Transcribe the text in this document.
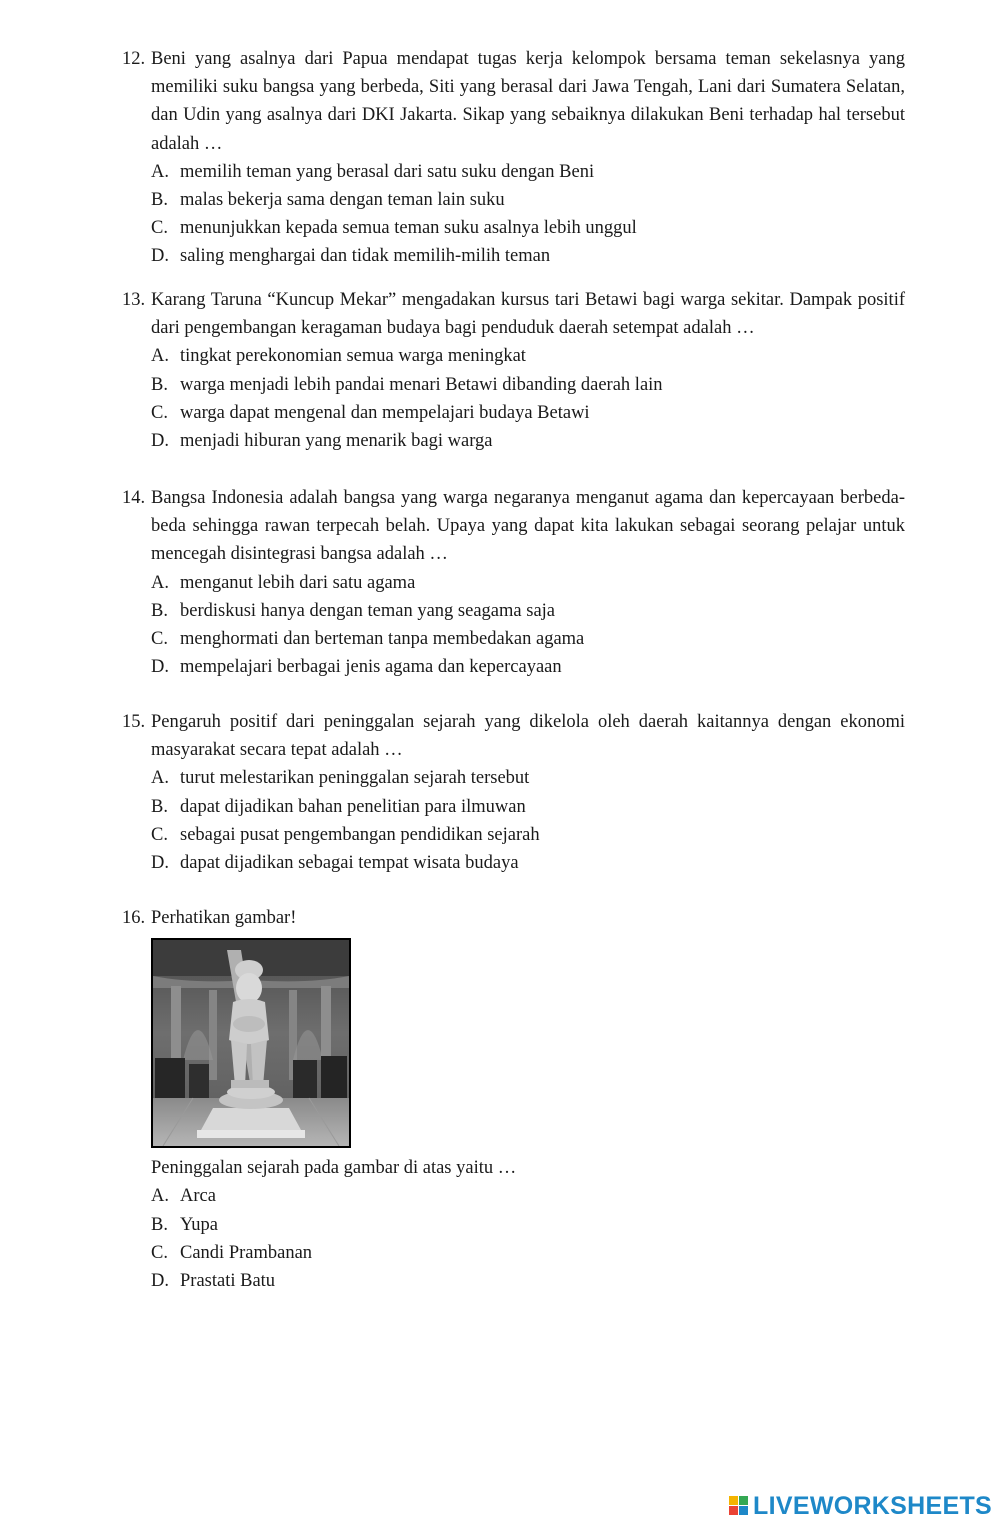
12. Beni yang asalnya dari Papua mendapat tugas kerja kelompok bersama teman sekelasnya yang memiliki suku bangsa yang berbeda, Siti yang berasal dari Jawa Tengah, Lani dari Sumatera Selatan, dan Udin yang asalnya dari DKI Jakarta. Sikap yang sebaiknya dilakukan Beni terhadap hal tersebut adalah …
A. memilih teman yang berasal dari satu suku dengan Beni
B. malas bekerja sama dengan teman lain suku
C. menunjukkan kepada semua teman suku asalnya lebih unggul
D. saling menghargai dan tidak memilih-milih teman
13. Karang Taruna “Kuncup Mekar” mengadakan kursus tari Betawi bagi warga sekitar. Dampak positif dari pengembangan keragaman budaya bagi penduduk daerah setempat adalah …
A. tingkat perekonomian semua warga meningkat
B. warga menjadi lebih pandai menari Betawi dibanding daerah lain
C. warga dapat mengenal dan mempelajari budaya Betawi
D. menjadi hiburan yang menarik bagi warga
14. Bangsa Indonesia adalah bangsa yang warga negaranya menganut agama dan kepercayaan berbeda-beda sehingga rawan terpecah belah. Upaya yang dapat kita lakukan sebagai seorang pelajar untuk mencegah disintegrasi bangsa adalah …
A. menganut lebih dari satu agama
B. berdiskusi hanya dengan teman yang seagama saja
C. menghormati dan berteman tanpa membedakan agama
D. mempelajari berbagai jenis agama dan kepercayaan
15. Pengaruh positif dari peninggalan sejarah yang dikelola oleh daerah kaitannya dengan ekonomi masyarakat secara tepat adalah …
A. turut melestarikan peninggalan sejarah tersebut
B. dapat dijadikan bahan penelitian para ilmuwan
C. sebagai pusat pengembangan pendidikan sejarah
D. dapat dijadikan sebagai tempat wisata budaya
16. Perhatikan gambar!
Peninggalan sejarah pada gambar di atas yaitu …
A. Arca
B. Yupa
C. Candi Prambanan
D. Prastati Batu
LIVEWORKSHEETS
